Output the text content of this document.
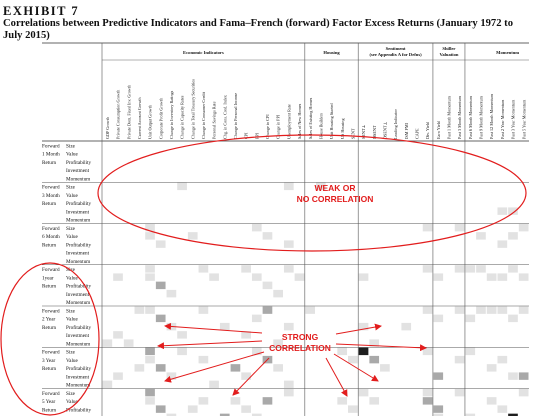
EXHIBIT 7
Correlations between Predictive Indicators and Fama–French (forward) Factor Excess Returns (January 1972 to July 2015)
Economic Indicators	Housing
Sentiment
(see Appendix A for Defns)
Shiller
Valuation	Momentum
GDP Growth Private Consumption Growth Private Dom. Fixed Inv. Growth Current Account Growth Unit Output Growth Corporate Profit Growth Change in Inventory Ratings Change in Capacity Rates Change in Total Treasury Securities Change in Consumer Credit Personal Savings Rate Chg. in Cons. Cred. Index Change in Personal Income CPI PPI Change in CPI Change in PPI Unemployment Rate Sales of New Homes Sales of Existing Homes House Builders Unit Housing Started US Housing SENT SENT⊥ DSENT DSENT⊥ Leading Indicator ISM PMI CAPE Div. Yield Earn Yield Past 1 Month Momentum Past 3 Month Momentum Past 6 Month Momentum Past 9 Month Momentum Past 12 Month Momentum Past 2 Year Momentum Past 3 Year Momentum Past 5 Year Momentum
Forward
1 Month
Return
Size
Value
Profitability
Investment
Momentum
Forward
3 Month
Return
Size
Value
Profitability
Investment
Momentum
Forward
6 Month
Return
Size
Value
Profitability
Investment
Momentum
Forward
1year
Return
Size
Value
Profitability
Investment
Momentum
Forward
2 Year
Return
Size
Value
Profitability
Investment
Momentum
Forward
3 Year
Return
Size
Value
Profitability
Investment
Momentum
Forward
5 Year
Return
Size
Value
Profitability
WEAK OR
NO CORRELATION
STRONG
CORRELATION
